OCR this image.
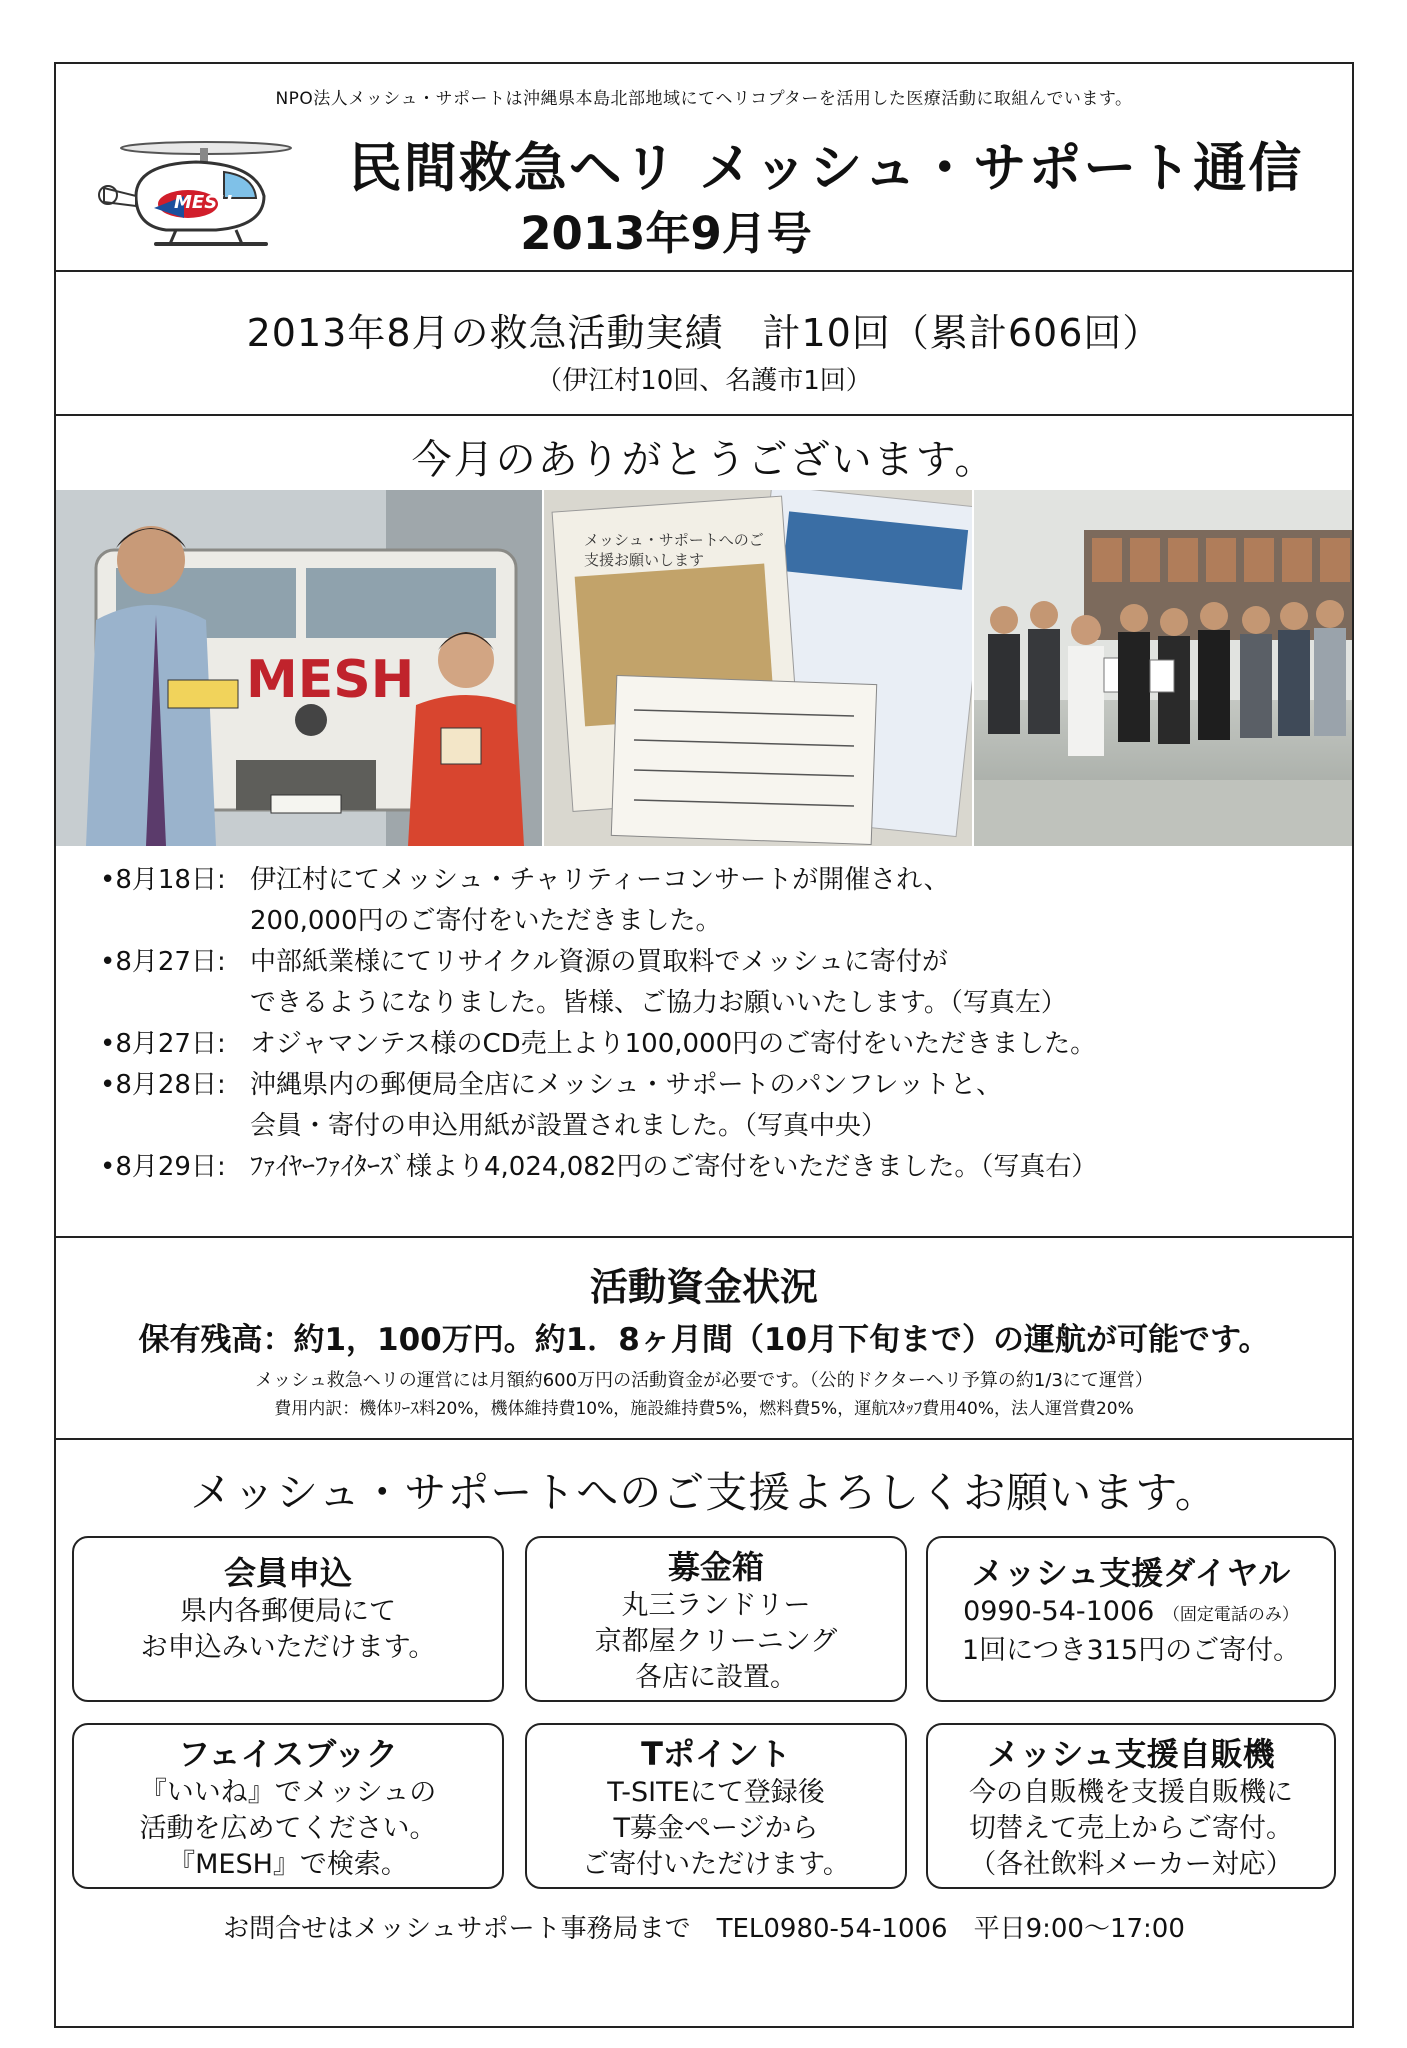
NPO法人メッシュ・サポートは沖縄県本島北部地域にてヘリコプターを活用した医療活動に取組んでいます。
MESH
民間救急ヘリ メッシュ・サポート通信
2013年9月号
2013年8月の救急活動実績　計10回（累計606回）
（伊江村10回、名護市1回）
今月のありがとうございます。
MESH
メッシュ・サポートへのご支援お願いします
•8月18日: 伊江村にてメッシュ・チャリティーコンサートが開催され、
200,000円のご寄付をいただきました。
•8月27日: 中部紙業様にてリサイクル資源の買取料でメッシュに寄付が
できるようになりました。皆様、ご協力お願いいたします。（写真左）
•8月27日: オジャマンテス様のCD売上より100,000円のご寄付をいただきました。
•8月28日: 沖縄県内の郵便局全店にメッシュ・サポートのパンフレットと、
会員・寄付の申込用紙が設置されました。（写真中央）
•8月29日: ﾌｧｲﾔｰﾌｧｲﾀｰｽﾞ様より4,024,082円のご寄付をいただきました。（写真右）
活動資金状況
保有残高：約1，100万円。約1．8ヶ月間（10月下旬まで）の運航が可能です。
メッシュ救急ヘリの運営には月額約600万円の活動資金が必要です。（公的ドクターヘリ予算の約1/3にて運営）
費用内訳：機体ﾘｰｽ料20%，機体維持費10%，施設維持費5%，燃料費5%，運航ｽﾀｯﾌ費用40%，法人運営費20%
メッシュ・サポートへのご支援よろしくお願います。
会員申込
県内各郵便局にて
お申込みいただけます。
募金箱
丸三ランドリー
京都屋クリーニング
各店に設置。
メッシュ支援ダイヤル
0990-54-1006 （固定電話のみ）
1回につき315円のご寄付。
フェイスブック
『いいね』でメッシュの
活動を広めてください。
『MESH』で検索。
Tポイント
T-SITEにて登録後
T募金ページから
ご寄付いただけます。
メッシュ支援自販機
今の自販機を支援自販機に
切替えて売上からご寄付。
（各社飲料メーカー対応）
お問合せはメッシュサポート事務局まで　TEL0980-54-1006　平日9:00～17:00
